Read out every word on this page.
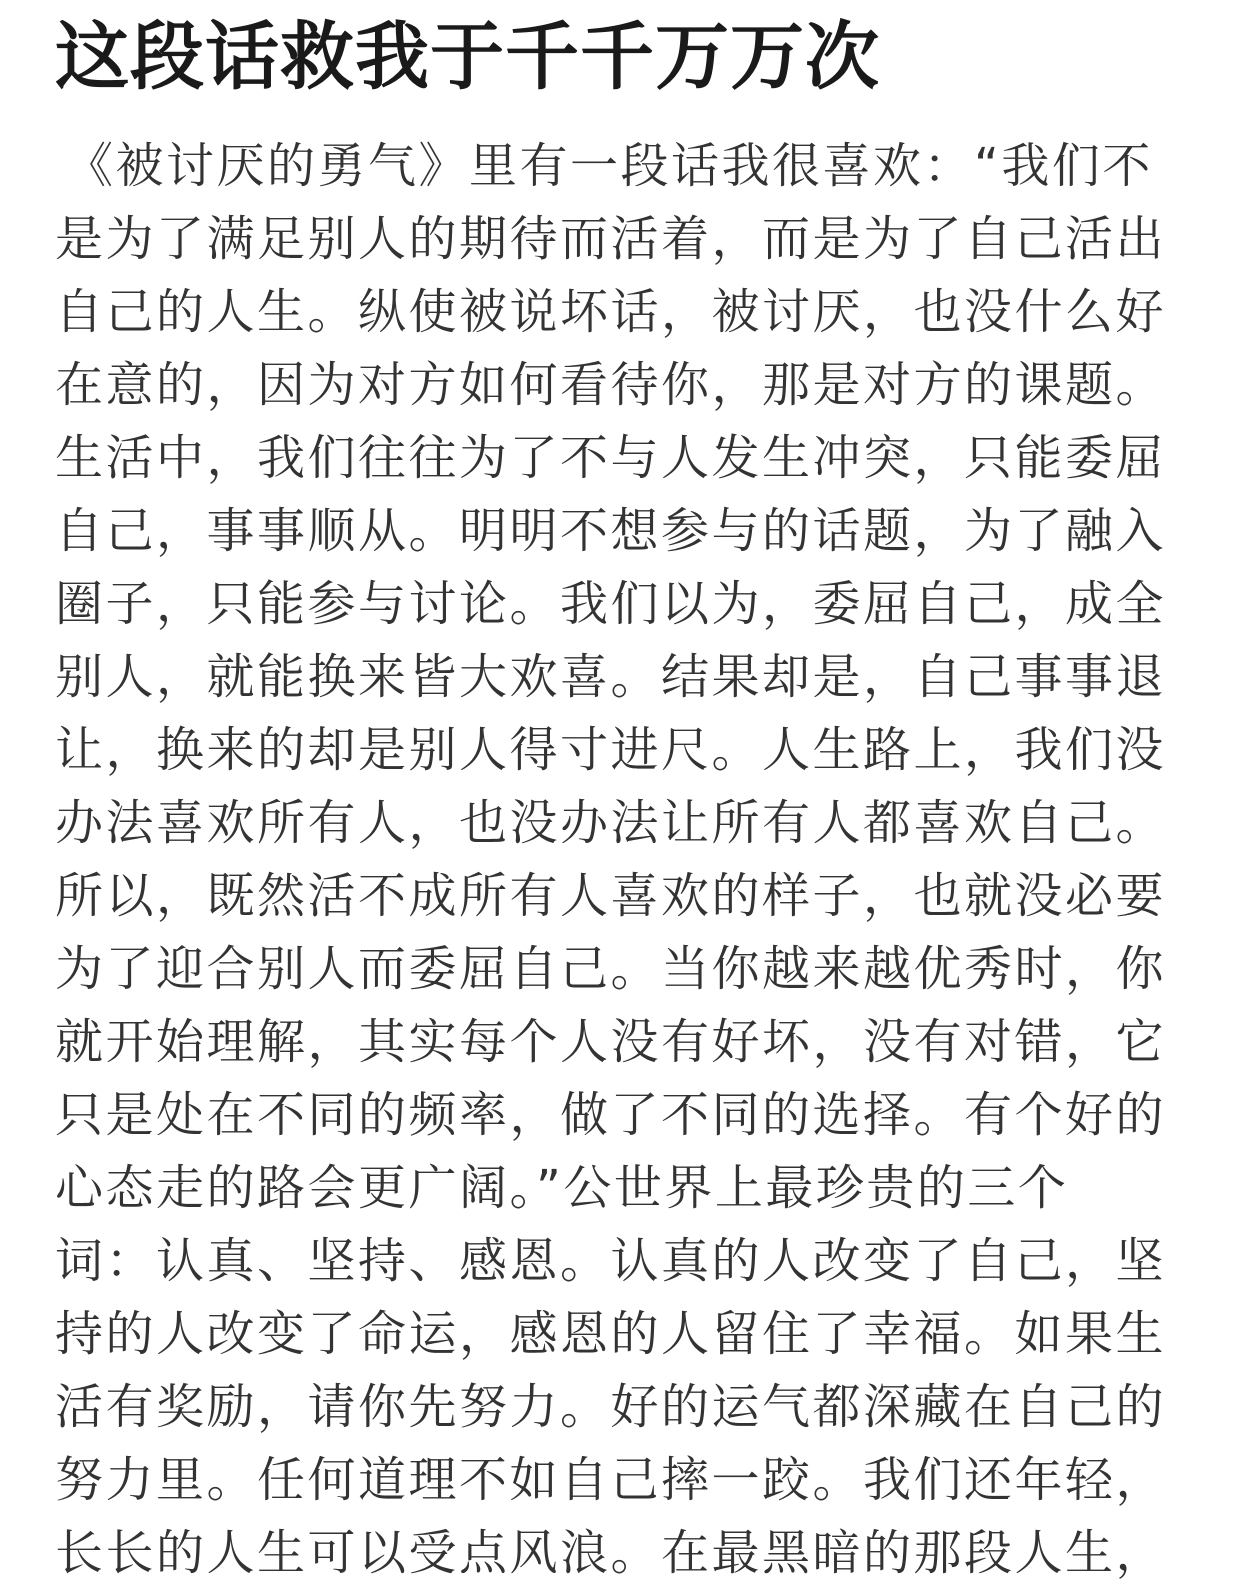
这段话救我于千千万万次
《被讨厌的勇气》里有一段话我很喜欢：“我们不
是为了满足别人的期待而活着，而是为了自己活出
自己的人生。纵使被说坏话，被讨厌，也没什么好
在意的，因为对方如何看待你，那是对方的课题。
生活中，我们往往为了不与人发生冲突，只能委屈
自己，事事顺从。明明不想参与的话题，为了融入
圈子，只能参与讨论。我们以为，委屈自己，成全
别人，就能换来皆大欢喜。结果却是，自己事事退
让，换来的却是别人得寸进尺。人生路上，我们没
办法喜欢所有人，也没办法让所有人都喜欢自己。
所以，既然活不成所有人喜欢的样子，也就没必要
为了迎合别人而委屈自己。当你越来越优秀时，你
就开始理解，其实每个人没有好坏，没有对错，它
只是处在不同的频率，做了不同的选择。有个好的
心态走的路会更广阔。”公世界上最珍贵的三个
词：认真、坚持、感恩。认真的人改变了自己，坚
持的人改变了命运，感恩的人留住了幸福。如果生
活有奖励，请你先努力。好的运气都深藏在自己的
努力里。任何道理不如自己摔一跤。我们还年轻，
长长的人生可以受点风浪。在最黑暗的那段人生，
